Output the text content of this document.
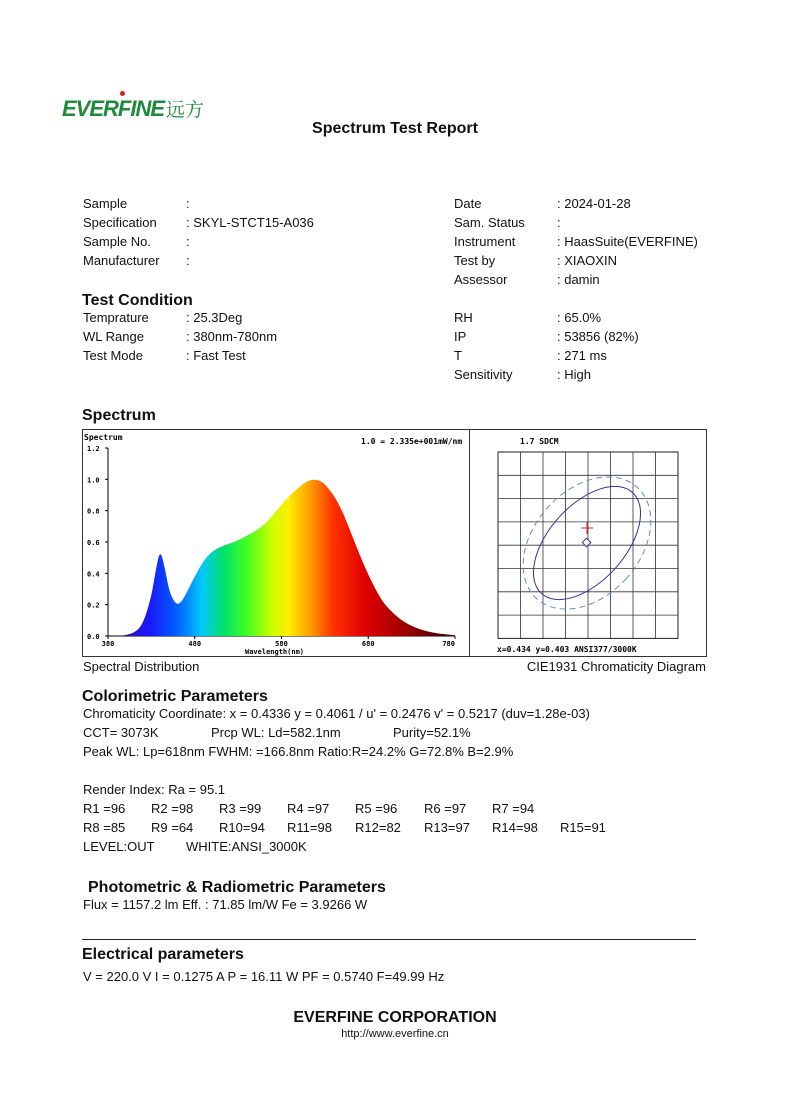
EVERFINE 远方
Spectrum Test Report
Sample	:
Specification : SKYL-STCT15-A036
Sample No.	:
Manufacturer :
Date	: 2024-01-28
Sam. Status :
Instrument	: HaasSuite(EVERFINE)
Test by	: XIAOXIN
Assessor	: damin
Test Condition
Temprature	: 25.3Deg
WL Range	: 380nm-780nm
Test Mode	: Fast Test
RH	: 65.0%
IP	: 53856 (82%)
T	: 271 ms
Sensitivity	: High
Spectrum
Spectrum	1.0 = 2.335e+001mW/nm
0.0
0.2
0.4
0.6
0.8
1.0
1.2
380	480	580	680	780
Wavelength(nm)
1.7 SDCM
x=0.434 y=0.403 ANSI377/3000K
Spectral Distribution	CIE1931 Chromaticity Diagram
Colorimetric Parameters
Chromaticity Coordinate: x = 0.4336 y = 0.4061 / u' = 0.2476 v' = 0.5217 (duv=1.28e-03)
CCT= 3073K	Prcp WL: Ld=582.1nm	Purity=52.1%
Peak WL: Lp=618nm FWHM: =166.8nm Ratio:R=24.2% G=72.8% B=2.9%
Render Index: Ra = 95.1
R1 =96 R2 =98 R3 =99 R4 =97 R5 =96 R6 =97 R7 =94
R8 =85 R9 =64 R10=94 R11=98 R12=82 R13=97 R14=98 R15=91
LEVEL:OUT WHITE:ANSI_3000K
Photometric & Radiometric Parameters
Flux = 1157.2 lm Eff. : 71.85 lm/W Fe = 3.9266 W
Electrical parameters
V = 220.0 V I = 0.1275 A P = 16.11 W PF = 0.5740 F=49.99 Hz
EVERFINE CORPORATION
http://www.everfine.cn
